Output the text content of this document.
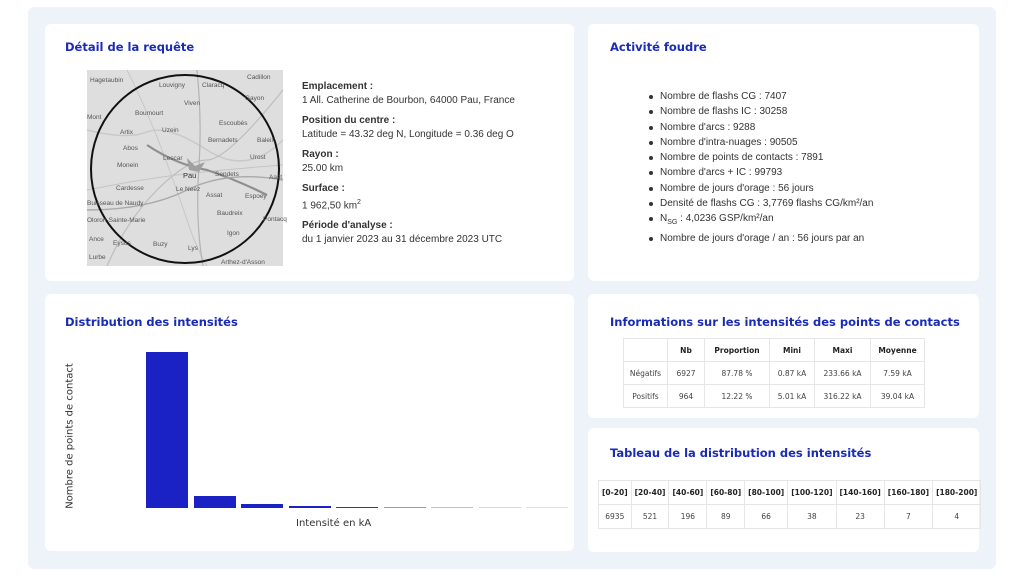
Détail de la requête
Hagetaubin
Louvigny	Claracq
Cadillon
Viven
Boumourt
Mont
Escoubès
Artix	Uzein
Bernadets	Baleix
Abos
Urost
Monein
Lescar
Pau	Sendets	Aast
Cardesse	Le Neez
Assat	Espoey
Buisseau de Naudy
Oloron-Sainte-Marie
Baudreix
Pontacq
Igon
Eysus	Buzy
Lys
Arthez-d'Asson
Lurbe
Ance
Gayon
Emplacement :
1 All. Catherine de Bourbon, 64000 Pau, France
Position du centre :
Latitude = 43.32 deg N, Longitude = 0.36 deg O
Rayon :
25.00 km
Surface :
1 962,50 $km^2$
Période d'analyse :
du 1 janvier 2023 au 31 décembre 2023 UTC
Activité foudre
Nombre de flashs CG : 7407
Nombre de flashs IC : 30258
Nombre d'arcs : 9288
Nombre d'intra-nuages : 90505
Nombre de points de contacts : 7891
Nombre d'arcs + IC : 99793
Nombre de jours d'orage : 56 jours
Densité de flashs CG : 3,7769 flashs CG/km²/an
$N_{SG}$ : 4,0236 GSP/km²/an
Nombre de jours d'orage / an : 56 jours par an
Distribution des intensités
Nombre de points de contact
Intensité en kA
Informations sur les intensités des points de contacts
	Nb	Proportion	Mini	Maxi	Moyenne
Négatifs	6927	87.78 %	0.87 kA	233.66 kA	7.59 kA
Positifs	964	12.22 %	5.01 kA	316.22 kA	39.04 kA
Tableau de la distribution des intensités
[0-20]	[20-40]	[40-60]	[60-80]	[80-100]	[100-120]	[140-160]	[160-180]	[180-200]
6935	521	196	89	66	38	23	7	4
